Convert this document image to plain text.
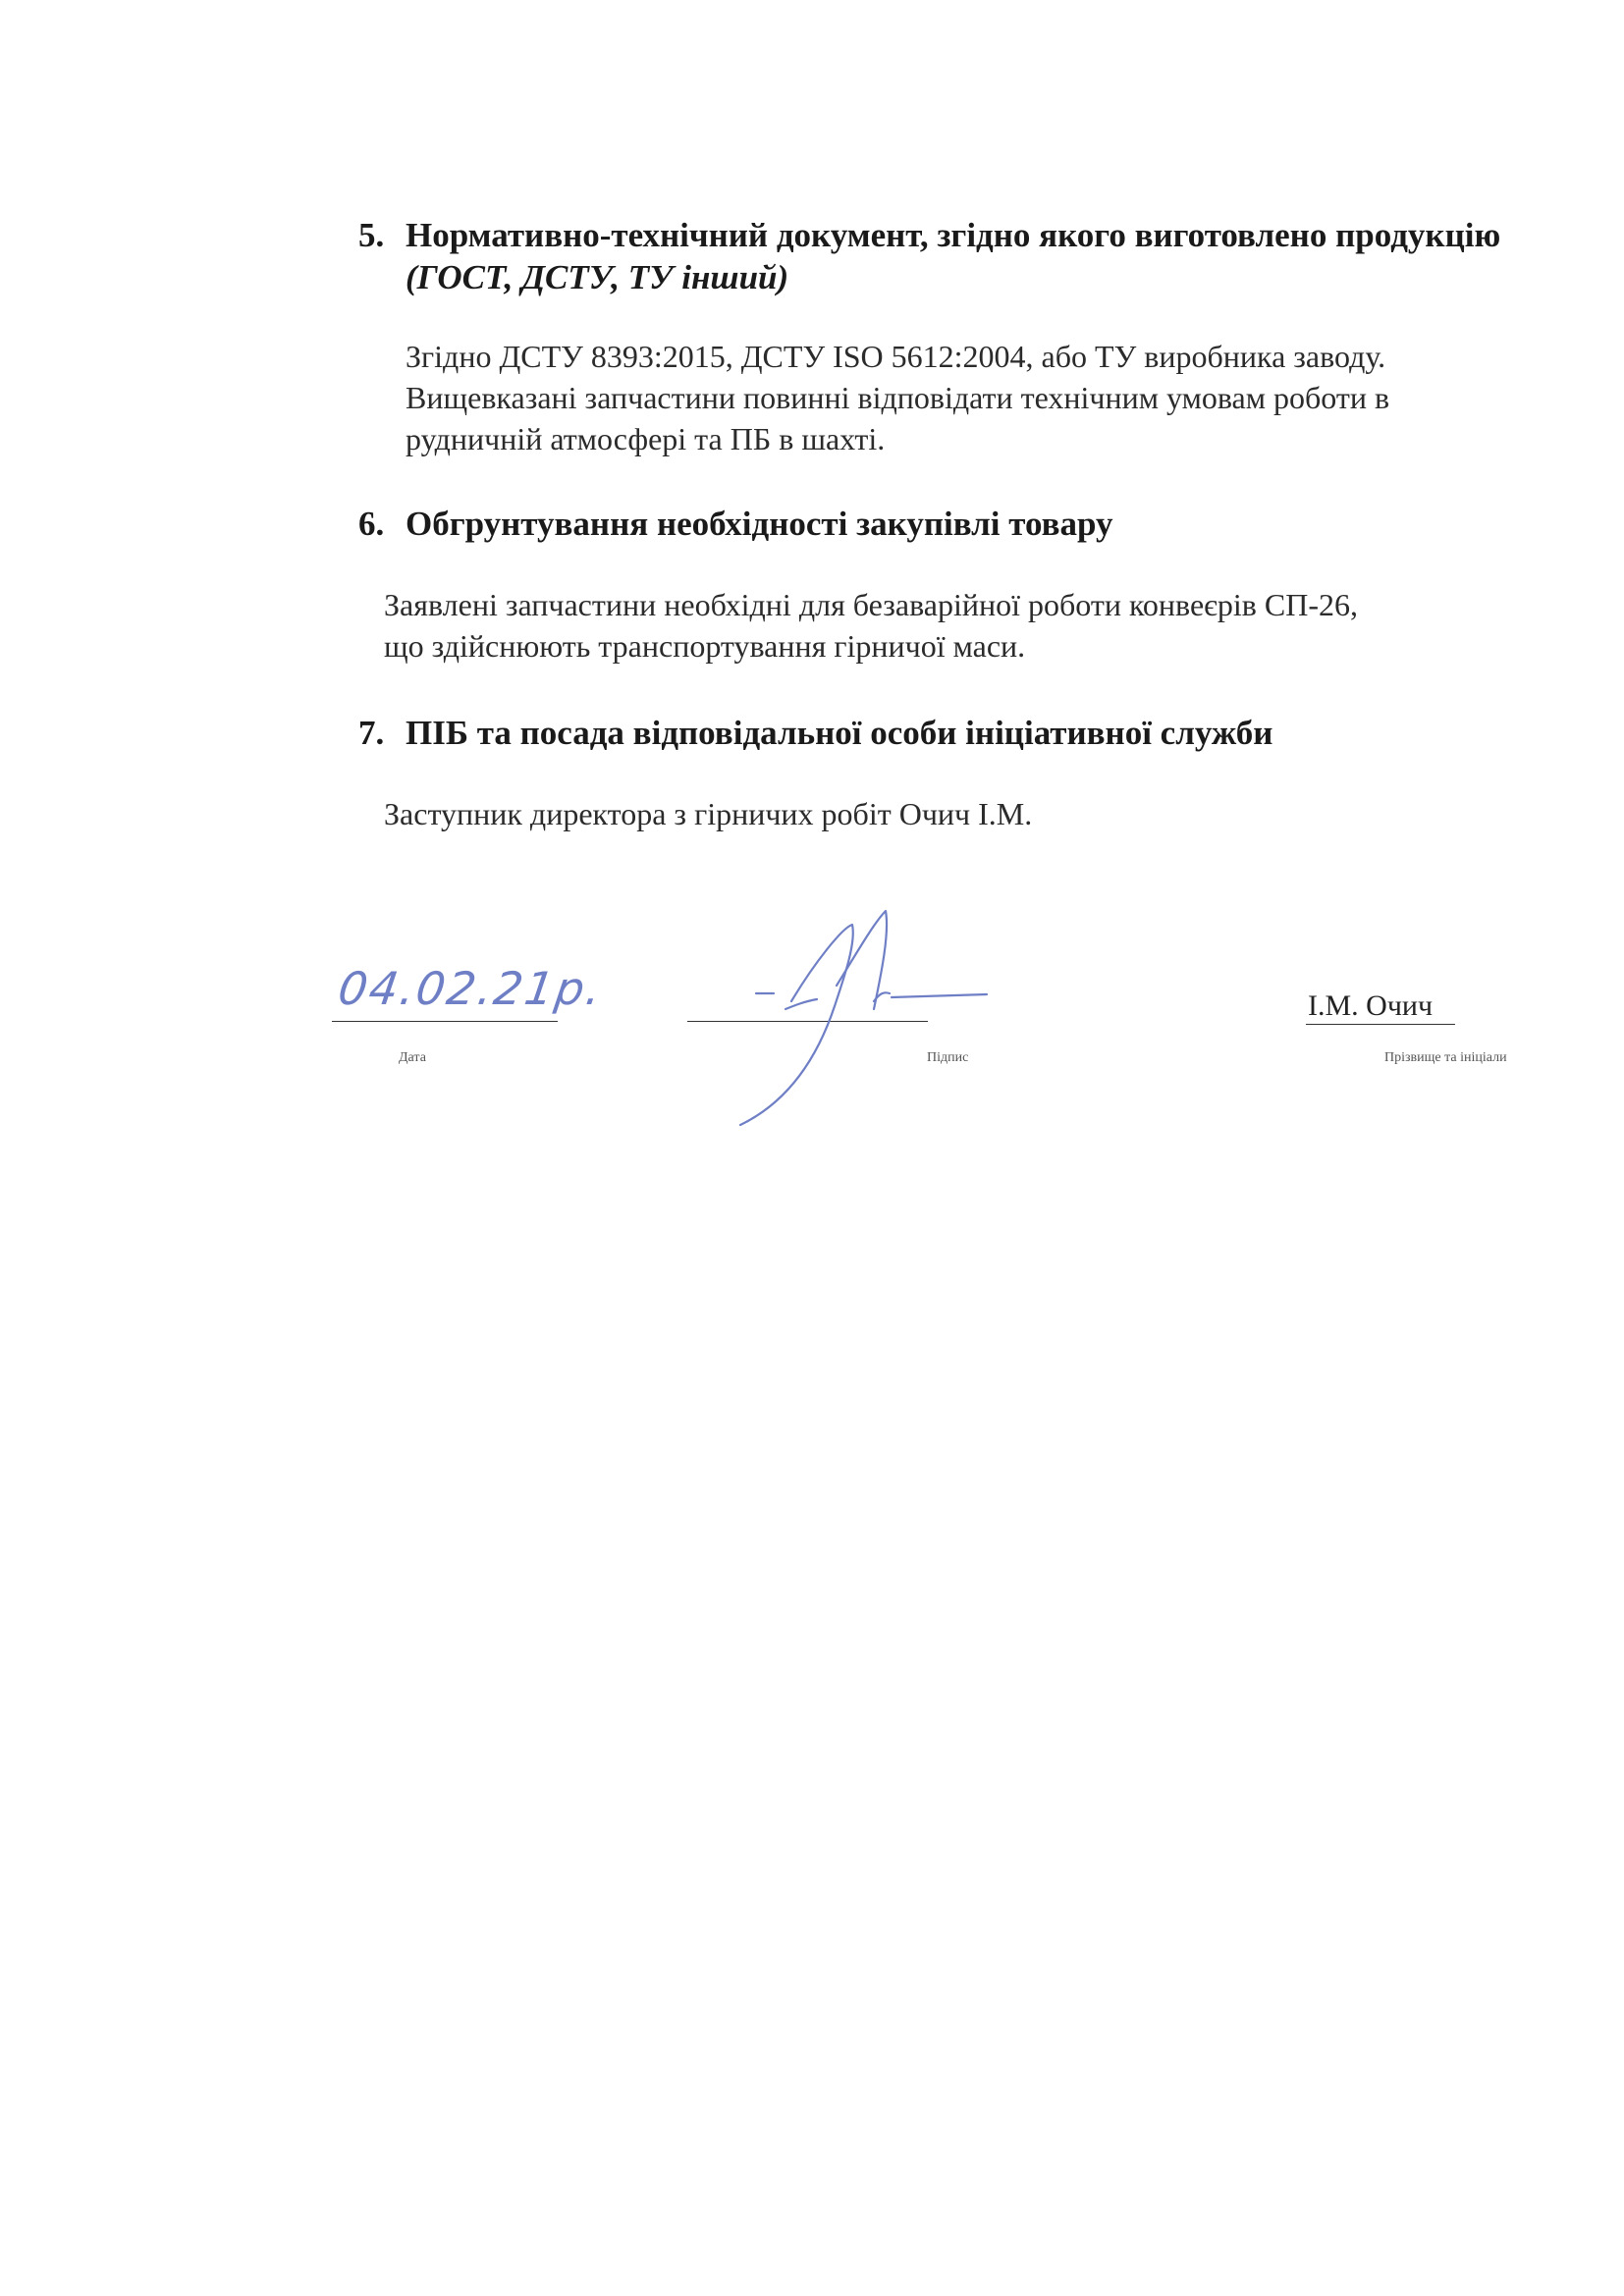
5. Нормативно-технічний документ, згідно якого виготовлено продукцію
(ГОСТ, ДСТУ, ТУ інший)
Згідно ДСТУ 8393:2015, ДСТУ ISO 5612:2004, або ТУ виробника заводу.
Вищевказані запчастини повинні відповідати технічним умовам роботи в
рудничній атмосфері та ПБ в шахті.
6. Обгрунтування необхідності закупівлі товару
Заявлені запчастини необхідні для безаварійної роботи конвеєрів СП-26,
що здійснюють транспортування гірничої маси.
7. ПІБ та посада відповідальної особи ініціативної служби
Заступник директора з гірничих робіт Очич І.М.
04.02.21р.
Дата	Підпис
І.М. Очич
Прізвище та ініціали
